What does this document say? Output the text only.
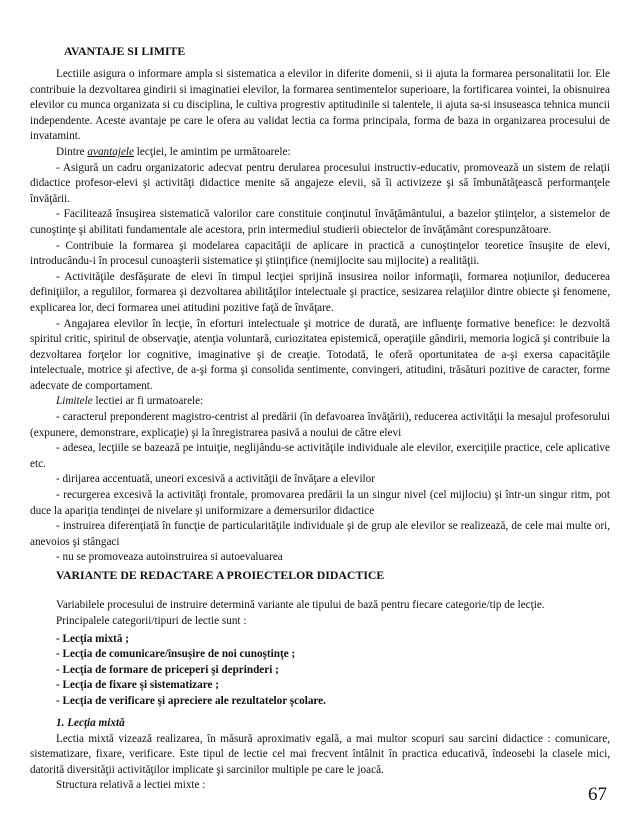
AVANTAJE SI LIMITE

Lectiile asigura o informare ampla si sistematica a elevilor in diferite domenii, si ii ajuta la formarea personalitatii lor. Ele contribuie la dezvoltarea gindirii si imaginatiei elevilor, la formarea sentimentelor superioare, la fortificarea vointei, la obisnuirea elevilor cu munca organizata si cu disciplina, le cultiva progrestiv aptitudinile si talentele, ii ajuta sa-si insuseasca tehnica muncii independente. Aceste avantaje pe care le ofera au validat lectia ca forma principala, forma de baza in organizarea procesului de invatamint.

Dintre avantajele lecţiei, le amintim pe următoarele:

- Asigură un cadru organizatoric adecvat pentru derularea procesului instructiv-educativ, promovează un sistem de relaţii didactice profesor-elevi şi activităţi didactice menite să angajeze elevii, să îi activizeze şi să îmbunătăţească performanţele învăţării.

- Facilitează însuşirea sistematică valorilor care constituie conţinutul învăţământului, a bazelor ştiinţelor, a sistemelor de cunoştinţe şi abilitati fundamentale ale acestora, prin intermediul studierii obiectelor de învăţământ corespunzătoare.

- Contribuie la formarea şi modelarea capacităţii de aplicare in practică a cunoştinţelor teoretice însuşite de elevi, introducându-i în procesul cunoaşterii sistematice şi ştiinţifice (nemijlocite sau mijlocite) a realităţii.

- Activităţile desfăşurate de elevi în timpul lecţiei sprijină insusirea noilor informaţii, formarea noţiunilor, deducerea definiţiilor, a regulilor, formarea şi dezvoltarea abilităţilor intelectuale şi practice, sesizarea relaţiilor dintre obiecte şi fenomene, explicarea lor, deci formarea unei atitudini pozitive faţă de învăţare.

- Angajarea elevilor în lecţie, în eforturi intelectuale şi motrice de durată, are influenţe formative benefice: le dezvoltă spiritul critic, spiritul de observaţie, atenţia voluntară, curiozitatea epistemică, operaţiile gândirii, memoria logică şi contribuie la dezvoltarea forţelor lor cognitive, imaginative şi de creaţie. Totodată, le oferă oportunitatea de a-şi exersa capacităţile intelectuale, motrice şi afective, de a-şi forma şi consolida sentimente, convingeri, atitudini, trăsături pozitive de caracter, forme adecvate de comportament.

Limitele lectiei ar fi urmatoarele:

- caracterul preponderent magistro-centrist al predării (în defavoarea învăţării), reducerea activităţii la mesajul profesorului (expunere, demonstrare, explicaţie) şi la înregistrarea pasivă a noului de către elevi

- adesea, lecţiile se bazează pe intuiţie, neglijându-se activităţile individuale ale elevilor, exerciţiile practice, cele aplicative etc.

- dirijarea accentuată, uneori excesivă a activităţii de învăţare a elevilor

- recurgerea excesivă la activităţi frontale, promovarea predării la un singur nivel (cel mijlociu) şi într-un singur ritm, pot duce la apariţia tendinţei de nivelare şi uniformizare a demersurilor didactice

- instruirea diferenţiată în funcţie de particularităţile individuale şi de grup ale elevilor se realizează, de cele mai multe ori, anevoios şi stângaci

- nu se promoveaza autoinstruirea si autoevaluarea

VARIANTE DE REDACTARE A PROIECTELOR DIDACTICE

Variabilele procesului de instruire determină variante ale tipului de bază pentru fiecare categorie/tip de lecţie.

Principalele categorii/tipuri de lectie sunt :

- Lecţia mixtă ;
- Lecţia de comunicare/însuşire de noi cunoştinţe ;
- Lecţia de formare de priceperi şi deprinderi ;
- Lecţia de fixare şi sistematizare ;
- Lecţia de verificare şi apreciere ale rezultatelor şcolare.

1. Lecţia mixtă

Lectia mixtă vizează realizarea, în măsură aproximativ egală, a mai multor scopuri sau sarcini didactice : comunicare, sistematizare, fixare, verificare. Este tipul de lectie cel mai frecvent întâlnit în practica educativă, îndeosebi la clasele mici, datorită diversităţii activităţilor implicate şi sarcinilor multiple pe care le joacă.

Structura relativă a lectiei mixte :	67
